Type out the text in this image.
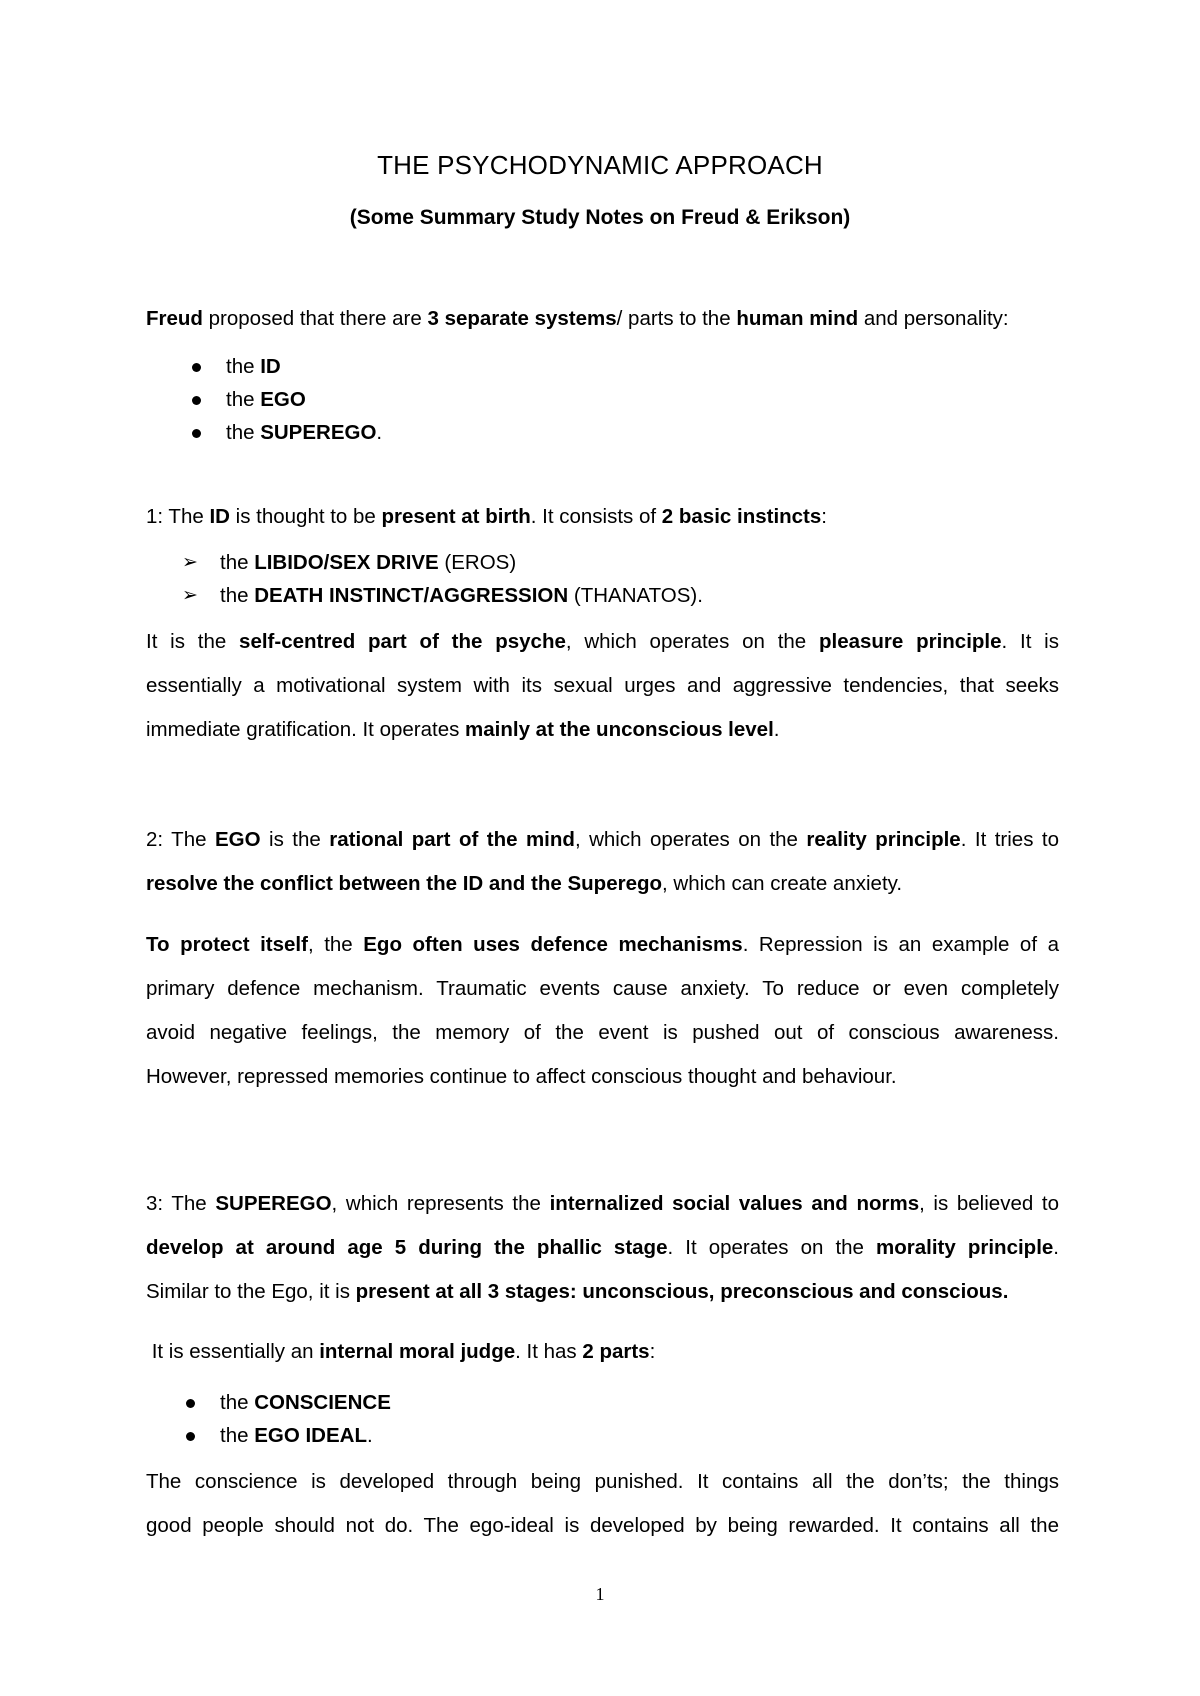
THE PSYCHODYNAMIC APPROACH
(Some Summary Study Notes on Freud & Erikson)

Freud proposed that there are 3 separate systems/ parts to the human mind and personality:

the ID
the EGO
the SUPEREGO.

1: The ID is thought to be present at birth. It consists of 2 basic instincts:

➢ the LIBIDO/SEX DRIVE (EROS)
➢ the DEATH INSTINCT/AGGRESSION (THANATOS).
It is the self-centred part of the psyche, which operates on the pleasure principle. It is
essentially a motivational system with its sexual urges and aggressive tendencies, that seeks
immediate gratification. It operates mainly at the unconscious level.
2: The EGO is the rational part of the mind, which operates on the reality principle. It tries to
resolve the conflict between the ID and the Superego, which can create anxiety.
To protect itself, the Ego often uses defence mechanisms. Repression is an example of a
primary defence mechanism. Traumatic events cause anxiety. To reduce or even completely
avoid negative feelings, the memory of the event is pushed out of conscious awareness.
However, repressed memories continue to affect conscious thought and behaviour.
3: The SUPEREGO, which represents the internalized social values and norms, is believed to
develop at around age 5 during the phallic stage. It operates on the morality principle.
Similar to the Ego, it is present at all 3 stages: unconscious, preconscious and conscious.

It is essentially an internal moral judge. It has 2 parts:

the CONSCIENCE
the EGO IDEAL.
The conscience is developed through being punished. It contains all the don’ts; the things
good people should not do. The ego-ideal is developed by being rewarded. It contains all the
1
